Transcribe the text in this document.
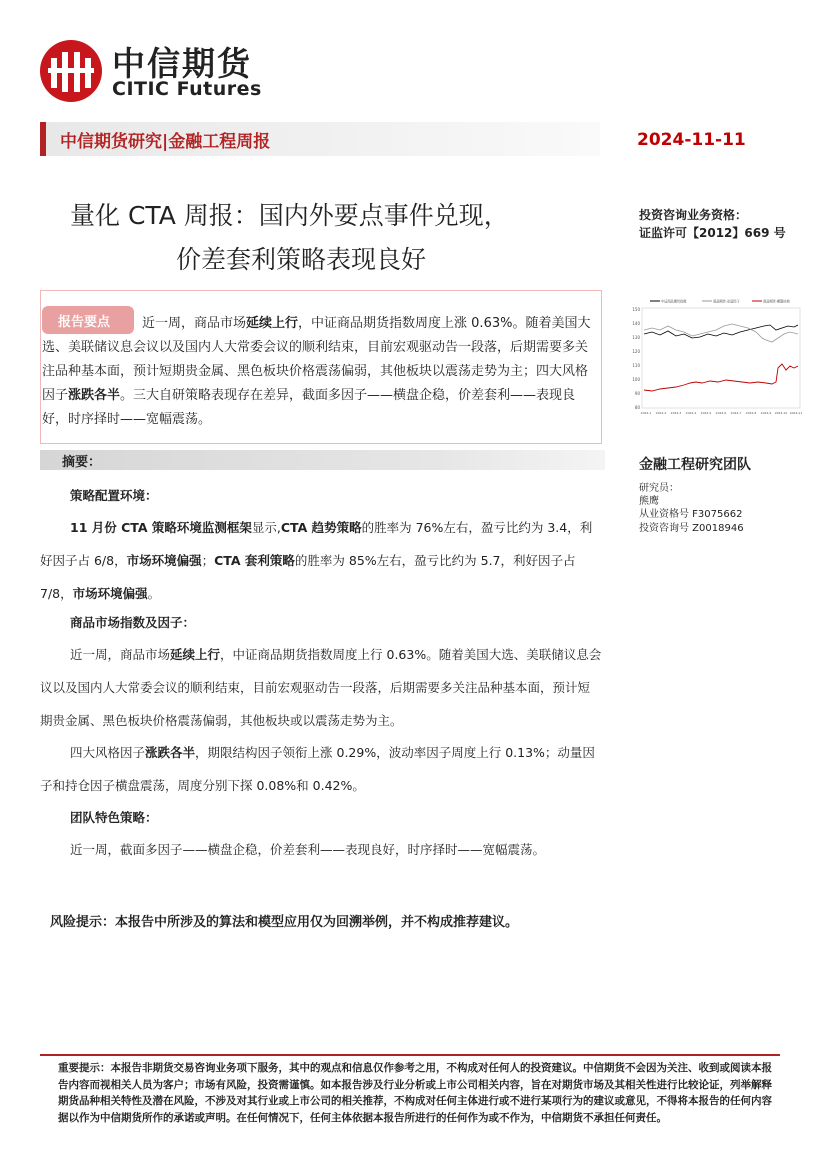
中信期货
CITIC Futures
中信期货研究|金融工程周报	2024-11-11
量化 CTA 周报：国内外要点事件兑现，
价差套利策略表现良好
投资咨询业务资格：
证监许可【2012】669 号
近一周，商品市场延续上行，中证商品期货指数周度上涨 0.63%。随着美国大选、美联储议息会议以及国内人大常委会议的顺利结束，目前宏观驱动告一段落，后期需要多关注品种基本面，预计短期贵金属、黑色板块价格震荡偏弱，其他板块以震荡走势为主；四大风格因子涨跌各半。三大自研策略表现存在差异，截面多因子——横盘企稳，价差套利——表现良好，时序择时——宽幅震荡。
报告要点
中证商品期货指数	商品期货-动量因子	商品期货-期限结构
150
140
130
120
110
100
90
80
2024-1 2024-2 2024-3 2024-4 2024-5 2024-6 2024-7 2024-8 2024-9 2024-10 2024-11
摘要：	金融工程研究团队
研究员：
熊鹰
从业资格号 F3075662
投资咨询号 Z0018946
策略配置环境：
11 月份 CTA 策略环境监测框架显示,CTA 趋势策略的胜率为 76%左右，盈亏比约为 3.4，利好因子占 6/8，市场环境偏强；CTA 套利策略的胜率为 85%左右，盈亏比约为 5.7，利好因子占 7/8，市场环境偏强。
商品市场指数及因子：
近一周，商品市场延续上行，中证商品期货指数周度上行 0.63%。随着美国大选、美联储议息会议以及国内人大常委会议的顺利结束，目前宏观驱动告一段落，后期需要多关注品种基本面，预计短期贵金属、黑色板块价格震荡偏弱，其他板块或以震荡走势为主。
四大风格因子涨跌各半，期限结构因子领衔上涨 0.29%，波动率因子周度上行 0.13%；动量因子和持仓因子横盘震荡，周度分别下探 0.08%和 0.42%。
团队特色策略：
近一周，截面多因子——横盘企稳，价差套利——表现良好，时序择时——宽幅震荡。
风险提示：本报告中所涉及的算法和模型应用仅为回溯举例，并不构成推荐建议。
重要提示：本报告非期货交易咨询业务项下服务，其中的观点和信息仅作参考之用，不构成对任何人的投资建议。中信期货不会因为关注、收到或阅读本报告内容而视相关人员为客户；市场有风险，投资需谨慎。如本报告涉及行业分析或上市公司相关内容，旨在对期货市场及其相关性进行比较论证，列举解释期货品种相关特性及潜在风险，不涉及对其行业或上市公司的相关推荐，不构成对任何主体进行或不进行某项行为的建议或意见，不得将本报告的任何内容据以作为中信期货所作的承诺或声明。在任何情况下，任何主体依据本报告所进行的任何作为或不作为，中信期货不承担任何责任。
